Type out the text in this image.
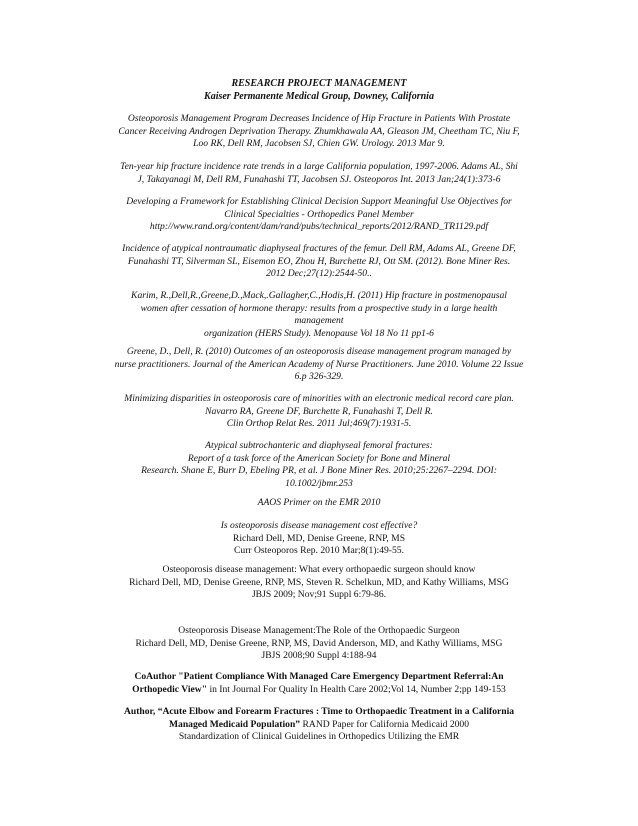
RESEARCH PROJECT MANAGEMENT

Kaiser Permanente Medical Group, Downey, California

Osteoporosis Management Program Decreases Incidence of Hip Fracture in Patients With Prostate

Cancer Receiving Androgen Deprivation Therapy. Zhumkhawala AA, Gleason JM, Cheetham TC, Niu F,

Loo RK, Dell RM, Jacobsen SJ, Chien GW. Urology. 2013 Mar 9.

Ten-year hip fracture incidence rate trends in a large California population, 1997-2006. Adams AL, Shi

J, Takayanagi M, Dell RM, Funahashi TT, Jacobsen SJ. Osteoporos Int. 2013 Jan;24(1):373-6

Developing a Framework for Establishing Clinical Decision Support Meaningful Use Objectives for

Clinical Specialties - Orthopedics Panel Member

http://www.rand.org/content/dam/rand/pubs/technical_reports/2012/RAND_TR1129.pdf

Incidence of atypical nontraumatic diaphyseal fractures of the femur. Dell RM, Adams AL, Greene DF,

Funahashi TT, Silverman SL, Eisemon EO, Zhou H, Burchette RJ, Ott SM. (2012). Bone Miner Res.

2012 Dec;27(12):2544-50..

Karim, R.,Dell,R.,Greene,D.,Mack,.Gallagher,C.,Hodis,H. (2011) Hip fracture in postmenopausal

women after cessation of hormone therapy: results from a prospective study in a large health

management

organization (HERS Study). Menopause Vol 18 No 11 pp1-6

Greene, D., Dell, R. (2010) Outcomes of an osteoporosis disease management program managed by

nurse practitioners. Journal of the American Academy of Nurse Practitioners. June 2010. Volume 22 Issue

6.p 326-329.

Minimizing disparities in osteoporosis care of minorities with an electronic medical record care plan.

Navarro RA, Greene DF, Burchette R, Funahashi T, Dell R.

Clin Orthop Relat Res. 2011 Jul;469(7):1931-5.

Atypical subtrochanteric and diaphyseal femoral fractures:

Report of a task force of the American Society for Bone and Mineral

Research. Shane E, Burr D, Ebeling PR, et al. J Bone Miner Res. 2010;25:2267–2294. DOI:

10.1002/jbmr.253

AAOS Primer on the EMR 2010

Is osteoporosis disease management cost effective?

Richard Dell, MD, Denise Greene, RNP, MS

Curr Osteoporos Rep. 2010 Mar;8(1):49-55.

Osteoporosis disease management: What every orthopaedic surgeon should know

Richard Dell, MD, Denise Greene, RNP, MS, Steven R. Schelkun, MD, and Kathy Williams, MSG

JBJS 2009; Nov;91 Suppl 6:79-86.

Osteoporosis Disease Management:The Role of the Orthopaedic Surgeon

Richard Dell, MD, Denise Greene, RNP, MS, David Anderson, MD, and Kathy Williams, MSG

JBJS 2008;90 Suppl 4:188-94

CoAuthor "Patient Compliance With Managed Care Emergency Department Referral:An

Orthopedic View" in Int Journal For Quality In Health Care 2002;Vol 14, Number 2;pp 149-153

Author, “Acute Elbow and Forearm Fractures : Time to Orthopaedic Treatment in a California

Managed Medicaid Population” RAND Paper for California Medicaid 2000

Standardization of Clinical Guidelines in Orthopedics Utilizing the EMR
